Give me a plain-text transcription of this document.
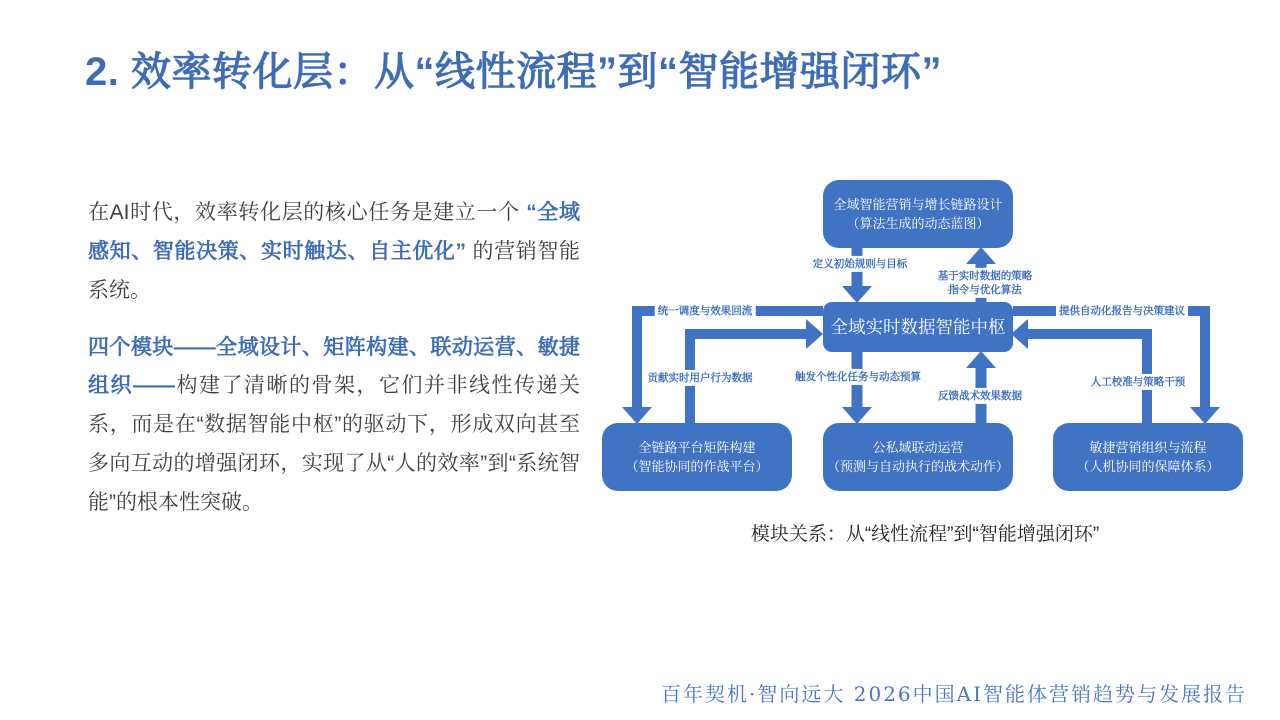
2. 效率转化层：从“线性流程”到“智能增强闭环”

在AI时代，效率转化层的核心任务是建立一个 “全域感知、智能决策、实时触达、自主优化” 的营销智能系统。

四个模块——全域设计、矩阵构建、联动运营、敏捷组织——构建了清晰的骨架，它们并非线性传递关系，而是在“数据智能中枢”的驱动下，形成双向甚至多向互动的增强闭环，实现了从“人的效率”到“系统智能”的根本性突破。

全域智能营销与增长链路设计
（算法生成的动态蓝图）
全域实时数据智能中枢
全链路平台矩阵构建
（智能协同的作战平台）
公私域联动运营
（预测与自动执行的战术动作）
敏捷营销组织与流程
（人机协同的保障体系）
定义初始规则与目标
基于实时数据的策略
指令与优化算法
统一调度与效果回流	提供自动化报告与决策建议
贡献实时用户行为数据	触发个性化任务与动态预算
反馈战术效果数据
人工校准与策略干预
模块关系：从“线性流程”到“智能增强闭环”
百年契机·智向远大 2026中国AI智能体营销趋势与发展报告
